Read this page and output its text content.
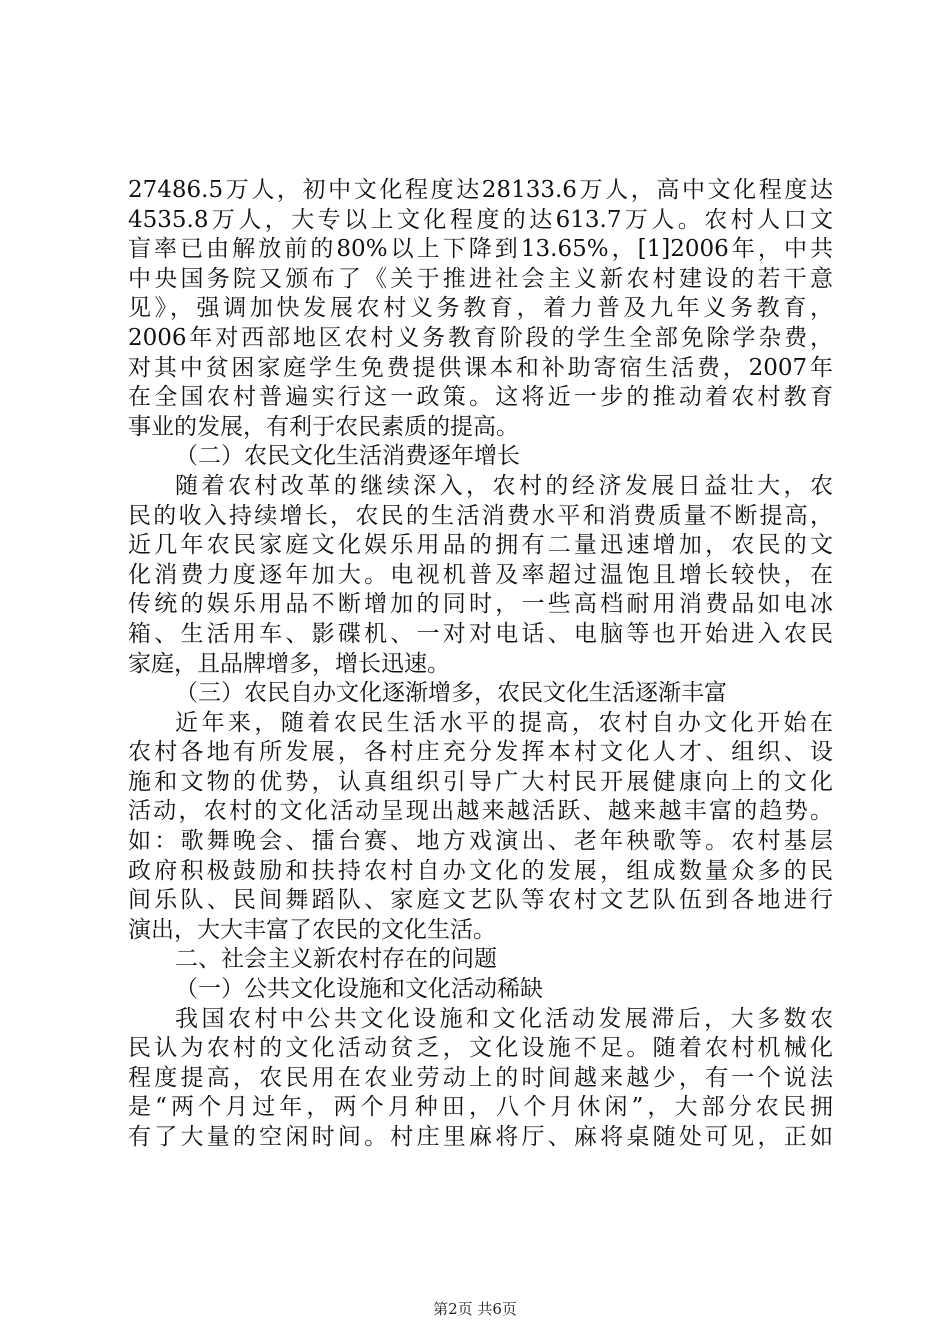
27486.5万人，初中文化程度达28133.6万人，高中文化程度达
4535.8万人，大专以上文化程度的达613.7万人。农村人口文
盲率已由解放前的80%以上下降到13.65%，[1]2006年，中共
中央国务院又颁布了《关于推进社会主义新农村建设的若干意
见》，强调加快发展农村义务教育，着力普及九年义务教育，
2006年对西部地区农村义务教育阶段的学生全部免除学杂费，
对其中贫困家庭学生免费提供课本和补助寄宿生活费，2007年
在全国农村普遍实行这一政策。这将近一步的推动着农村教育
事业的发展，有利于农民素质的提高。
（二）农民文化生活消费逐年增长
随着农村改革的继续深入，农村的经济发展日益壮大，农
民的收入持续增长，农民的生活消费水平和消费质量不断提高，
近几年农民家庭文化娱乐用品的拥有二量迅速增加，农民的文
化消费力度逐年加大。电视机普及率超过温饱且增长较快，在
传统的娱乐用品不断增加的同时，一些高档耐用消费品如电冰
箱、生活用车、影碟机、一对对电话、电脑等也开始进入农民
家庭，且品牌增多，增长迅速。
（三）农民自办文化逐渐增多，农民文化生活逐渐丰富
近年来，随着农民生活水平的提高，农村自办文化开始在
农村各地有所发展，各村庄充分发挥本村文化人才、组织、设
施和文物的优势，认真组织引导广大村民开展健康向上的文化
活动，农村的文化活动呈现出越来越活跃、越来越丰富的趋势。
如：歌舞晚会、擂台赛、地方戏演出、老年秧歌等。农村基层
政府积极鼓励和扶持农村自办文化的发展，组成数量众多的民
间乐队、民间舞蹈队、家庭文艺队等农村文艺队伍到各地进行
演出，大大丰富了农民的文化生活。
二、社会主义新农村存在的问题
（一）公共文化设施和文化活动稀缺
我国农村中公共文化设施和文化活动发展滞后，大多数农
民认为农村的文化活动贫乏，文化设施不足。随着农村机械化
程度提高，农民用在农业劳动上的时间越来越少，有一个说法
是“两个月过年，两个月种田，八个月休闲”，大部分农民拥
有了大量的空闲时间。村庄里麻将厅、麻将桌随处可见，正如
第2页 共6页
